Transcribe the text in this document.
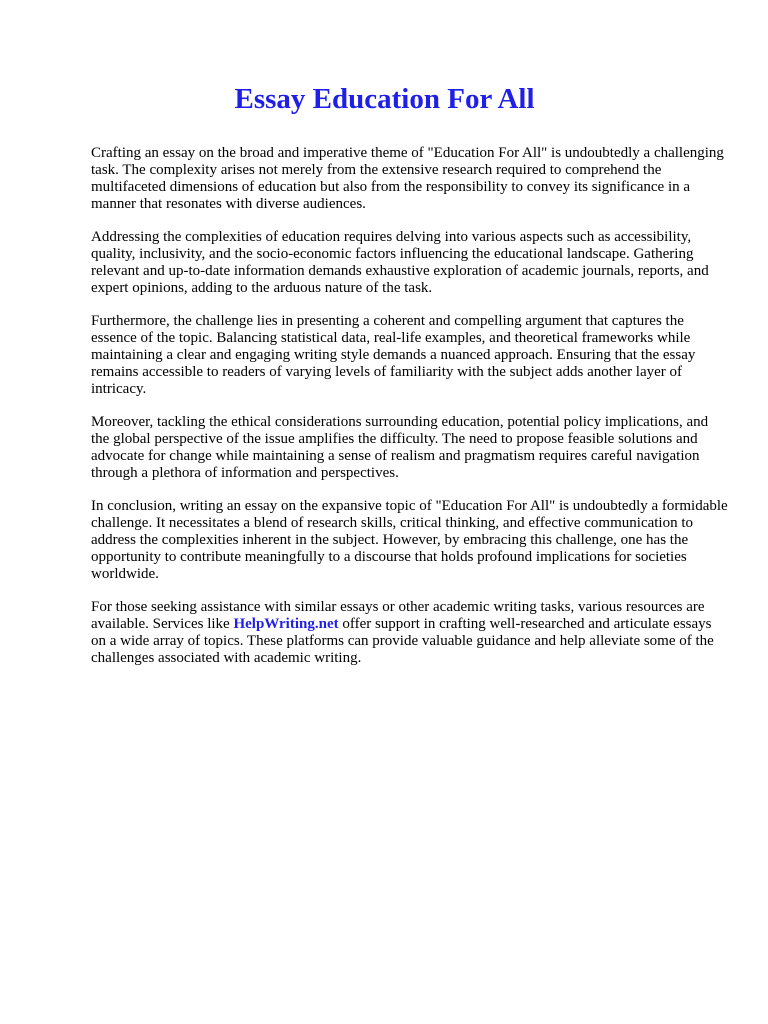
Essay Education For All

Crafting an essay on the broad and imperative theme of "Education For All" is undoubtedly a challenging task. The complexity arises not merely from the extensive research required to comprehend the multifaceted dimensions of education but also from the responsibility to convey its significance in a manner that resonates with diverse audiences.

Addressing the complexities of education requires delving into various aspects such as accessibility, quality, inclusivity, and the socio-economic factors influencing the educational landscape. Gathering relevant and up-to-date information demands exhaustive exploration of academic journals, reports, and expert opinions, adding to the arduous nature of the task.

Furthermore, the challenge lies in presenting a coherent and compelling argument that captures the essence of the topic. Balancing statistical data, real-life examples, and theoretical frameworks while maintaining a clear and engaging writing style demands a nuanced approach. Ensuring that the essay remains accessible to readers of varying levels of familiarity with the subject adds another layer of intricacy.

Moreover, tackling the ethical considerations surrounding education, potential policy implications, and the global perspective of the issue amplifies the difficulty. The need to propose feasible solutions and advocate for change while maintaining a sense of realism and pragmatism requires careful navigation through a plethora of information and perspectives.

In conclusion, writing an essay on the expansive topic of "Education For All" is undoubtedly a formidable challenge. It necessitates a blend of research skills, critical thinking, and effective communication to address the complexities inherent in the subject. However, by embracing this challenge, one has the opportunity to contribute meaningfully to a discourse that holds profound implications for societies worldwide.

For those seeking assistance with similar essays or other academic writing tasks, various resources are available. Services like HelpWriting.net offer support in crafting well-researched and articulate essays on a wide array of topics. These platforms can provide valuable guidance and help alleviate some of the challenges associated with academic writing.
